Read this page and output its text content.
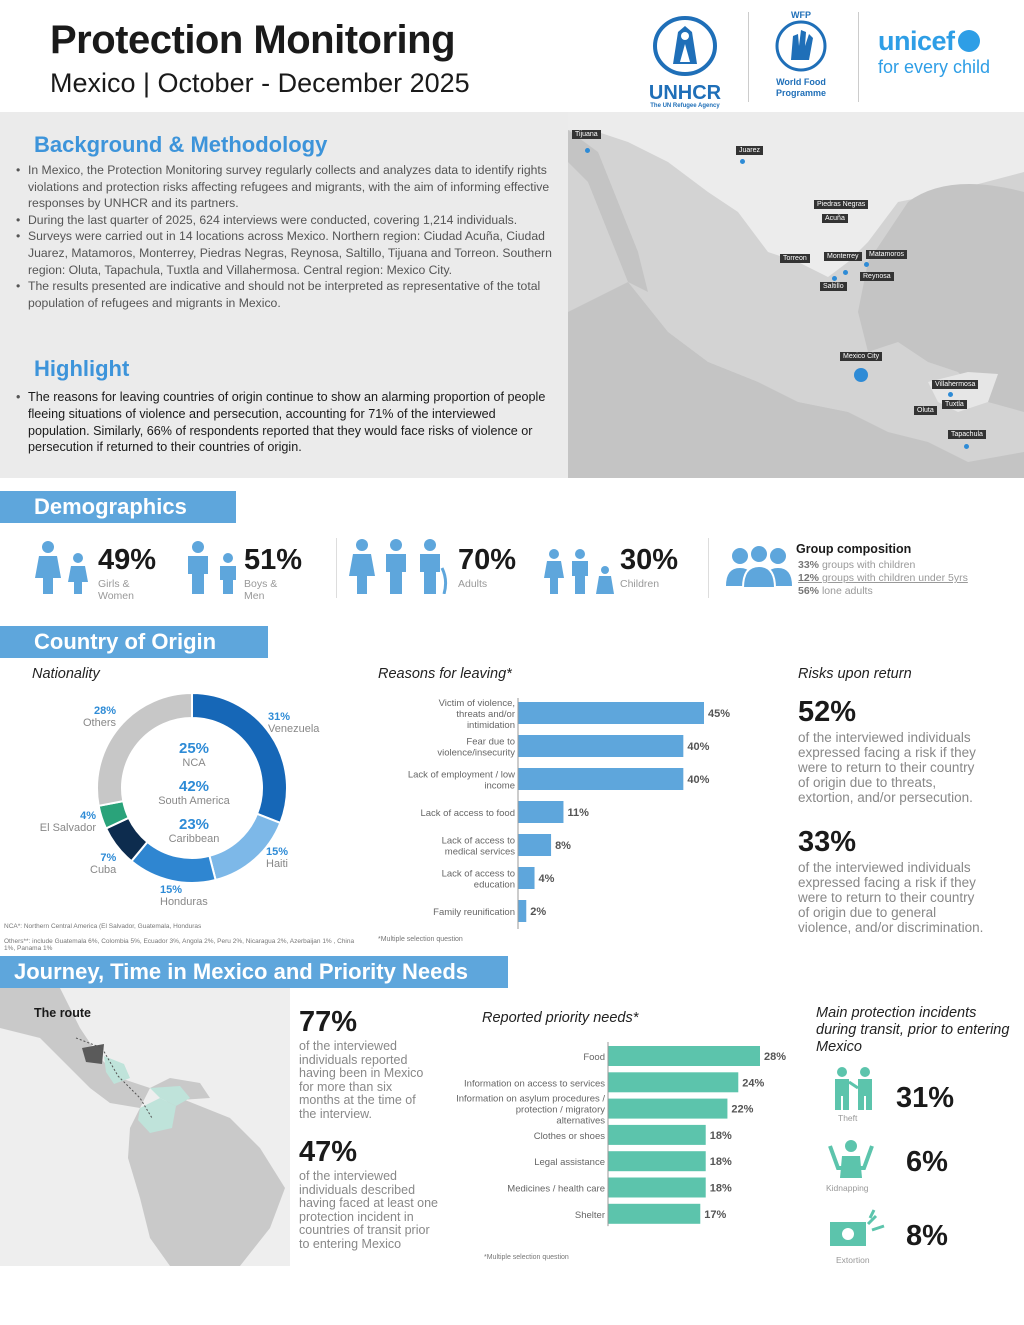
Protection Monitoring
Mexico | October - December 2025	UNHCR
The UN Refugee Agency
WFP
World Food
Programme
unicef
for every child
Background & Methodology
• In Mexico, the Protection Monitoring survey regularly collects and analyzes data to identify rights violations and protection risks affecting refugees and migrants, with the aim of informing effective responses by UNHCR and its partners.
• During the last quarter of 2025, 624 interviews were conducted, covering 1,214 individuals.
• Surveys were carried out in 14 locations across Mexico. Northern region: Ciudad Acuña, Ciudad Juarez, Matamoros, Monterrey, Piedras Negras, Reynosa, Saltillo, Tijuana and Torreon. Southern region: Oluta, Tapachula, Tuxtla and Villahermosa. Central region: Mexico City.
• The results presented are indicative and should not be interpreted as representative of the total population of refugees and migrants in Mexico.
Highlight
• The reasons for leaving countries of origin continue to show an alarming proportion of people fleeing situations of violence and persecution, accounting for 71% of the interviewed population. Similarly, 66% of respondents reported that they would face risks of violence or persecution if returned to their countries of origin.
Tijuana
Juarez
Piedras Negras
Acuña
Torreon	Monterrey	Matamoros
Saltillo
Reynosa
Mexico City
Villahermosa
Oluta
Tuxtla
Tapachula
Demographics
49%
Girls &
Women
51%
Boys &
Men
70%
Adults
30%
Children
Group composition
33% groups with children
12% groups with children under 5yrs
56% lone adults
Country of Origin
Nationality
25%
NCA
42%
South America
23%
Caribbean
31%
Venezuela
15%
Haiti
15%
Honduras
7%
Cuba
4%
El Salvador
28%
Others
NCA*: Northern Central America (El Salvador, Guatemala, Honduras
Others**: include Guatemala 6%, Colombia 5%, Ecuador 3%, Angola 2%, Peru 2%, Nicaragua 2%, Azerbaijan 1% , China 1%, Panama 1%
Reasons for leaving*
45%
Victim of violence,
threats and/or
intimidation
40%
Fear due to
violence/insecurity
40%
Lack of employment / low
income
11%
Lack of access to food
8%
Lack of access to
medical services
4%
Lack of access to
education
2%
Family reunification
*Multiple selection question
Risks upon return
52%
of the interviewed individuals expressed facing a risk if they were to return to their country of origin due to threats, extortion, and/or persecution.
33%
of the interviewed individuals expressed facing a risk if they were to return to their country of origin due to general violence, and/or discrimination.
Journey, Time in Mexico and Priority Needs
The route	77%
of the interviewed individuals reported having been in Mexico for more than six months at the time of the interview.
47%
of the interviewed individuals described having faced at least one protection incident in countries of transit prior to entering Mexico
Reported priority needs*
28%
Food
24%
Information on access to services
22%
Information on asylum procedures /
protection / migratory
alternatives
18%
Clothes or shoes
18%
Legal assistance
18%
Medicines / health care
17%
Shelter
*Multiple selection question
Main protection incidents during transit, prior to entering Mexico
Theft
31%
Kidnapping
6%
Extortion
8%
